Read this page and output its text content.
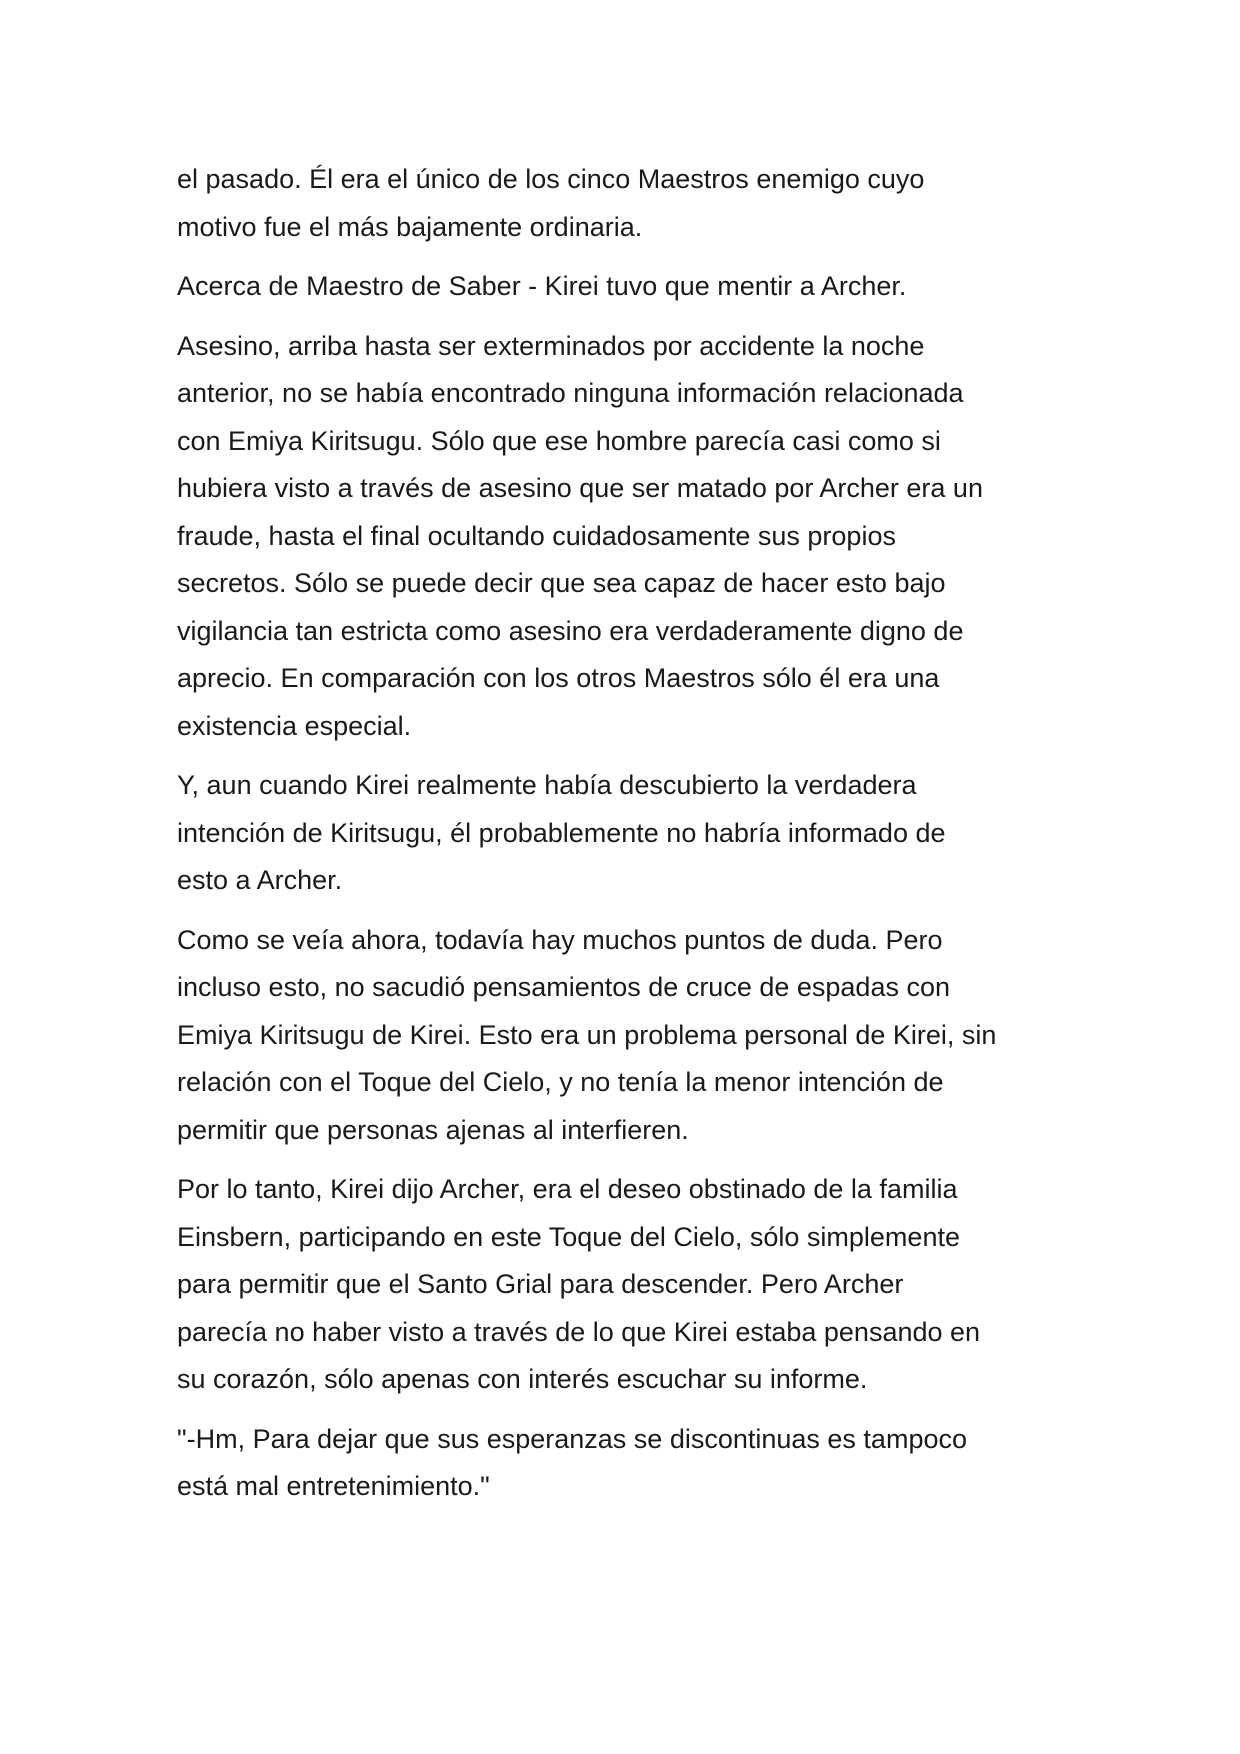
el pasado. Él era el único de los cinco Maestros enemigo cuyo
motivo fue el más bajamente ordinaria.

Acerca de Maestro de Saber - Kirei tuvo que mentir a Archer.

Asesino, arriba hasta ser exterminados por accidente la noche
anterior, no se había encontrado ninguna información relacionada
con Emiya Kiritsugu. Sólo que ese hombre parecía casi como si
hubiera visto a través de asesino que ser matado por Archer era un
fraude, hasta el final ocultando cuidadosamente sus propios
secretos. Sólo se puede decir que sea capaz de hacer esto bajo
vigilancia tan estricta como asesino era verdaderamente digno de
aprecio. En comparación con los otros Maestros sólo él era una
existencia especial.

Y, aun cuando Kirei realmente había descubierto la verdadera
intención de Kiritsugu, él probablemente no habría informado de
esto a Archer.

Como se veía ahora, todavía hay muchos puntos de duda. Pero
incluso esto, no sacudió pensamientos de cruce de espadas con
Emiya Kiritsugu de Kirei. Esto era un problema personal de Kirei, sin
relación con el Toque del Cielo, y no tenía la menor intención de
permitir que personas ajenas al interfieren.

Por lo tanto, Kirei dijo Archer, era el deseo obstinado de la familia
Einsbern, participando en este Toque del Cielo, sólo simplemente
para permitir que el Santo Grial para descender. Pero Archer
parecía no haber visto a través de lo que Kirei estaba pensando en
su corazón, sólo apenas con interés escuchar su informe.

"-Hm, Para dejar que sus esperanzas se discontinuas es tampoco
está mal entretenimiento."
